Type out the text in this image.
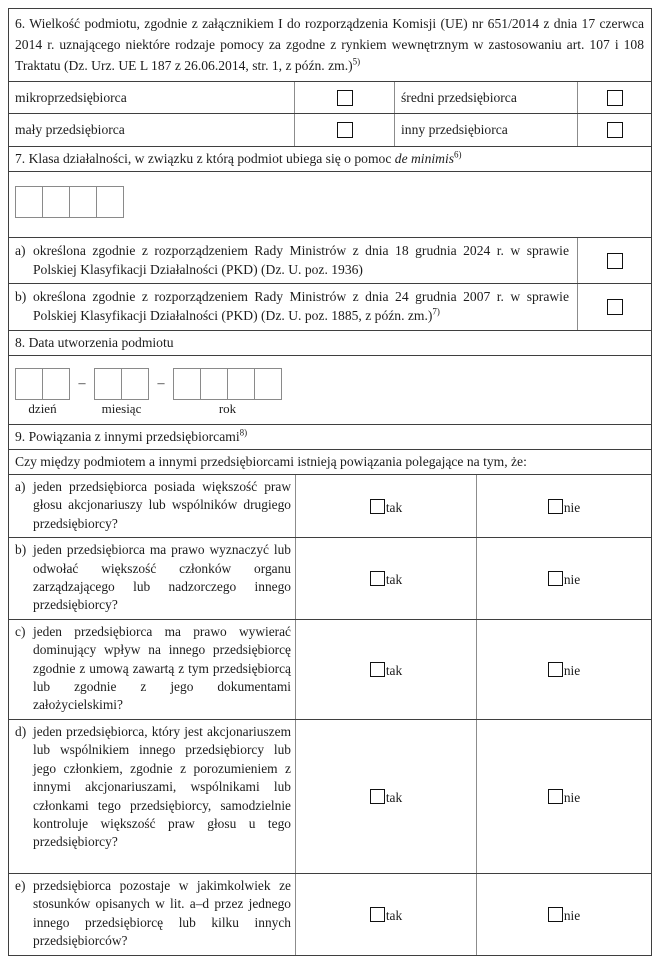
6. Wielkość podmiotu, zgodnie z załącznikiem I do rozporządzenia Komisji (UE) nr 651/2014 z dnia 17 czerwca 2014 r. uznającego niektóre rodzaje pomocy za zgodne z rynkiem wewnętrznym w zastosowaniu art. 107 i 108 Traktatu (Dz. Urz. UE L 187 z 26.06.2014, str. 1, z późn. zm.)$^{5)}$
mikroprzedsiębiorca	średni przedsiębiorca
mały przedsiębiorca	inny przedsiębiorca
7. Klasa działalności, w związku z którą podmiot ubiega się o pomoc de minimis$^{6)}$
a) określona zgodnie z rozporządzeniem Rady Ministrów z dnia 18 grudnia 2024 r. w sprawie Polskiej Klasyfikacji Działalności (PKD) (Dz. U. poz. 1936)
b) określona zgodnie z rozporządzeniem Rady Ministrów z dnia 24 grudnia 2007 r. w sprawie Polskiej Klasyfikacji Działalności (PKD) (Dz. U. poz. 1885, z późn. zm.)$^{7)}$
8. Data utworzenia podmiotu
dzień
–
miesiąc
–
rok
9. Powiązania z innymi przedsiębiorcami$^{8)}$
Czy między podmiotem a innymi przedsiębiorcami istnieją powiązania polegające na tym, że:
a) jeden przedsiębiorca posiada większość praw głosu akcjonariuszy lub wspólników drugiego przedsiębiorcy?
tak	nie
b) jeden przedsiębiorca ma prawo wyznaczyć lub odwołać większość członków organu zarządzającego lub nadzorczego innego przedsiębiorcy?
tak	nie
c) jeden przedsiębiorca ma prawo wywierać dominujący wpływ na innego przedsiębiorcę zgodnie z umową zawartą z tym przedsiębiorcą lub zgodnie z jego dokumentami założycielskimi?
tak	nie
d) jeden przedsiębiorca, który jest akcjonariuszem lub wspólnikiem innego przedsiębiorcy lub jego członkiem, zgodnie z porozumieniem z innymi akcjonariuszami, wspólnikami lub członkami tego przedsiębiorcy, samodzielnie kontroluje większość praw głosu u tego przedsiębiorcy?
tak	nie
e) przedsiębiorca pozostaje w jakimkolwiek ze stosunków opisanych w lit. a–d przez jednego innego przedsiębiorcę lub kilku innych przedsiębiorców?
tak	nie
